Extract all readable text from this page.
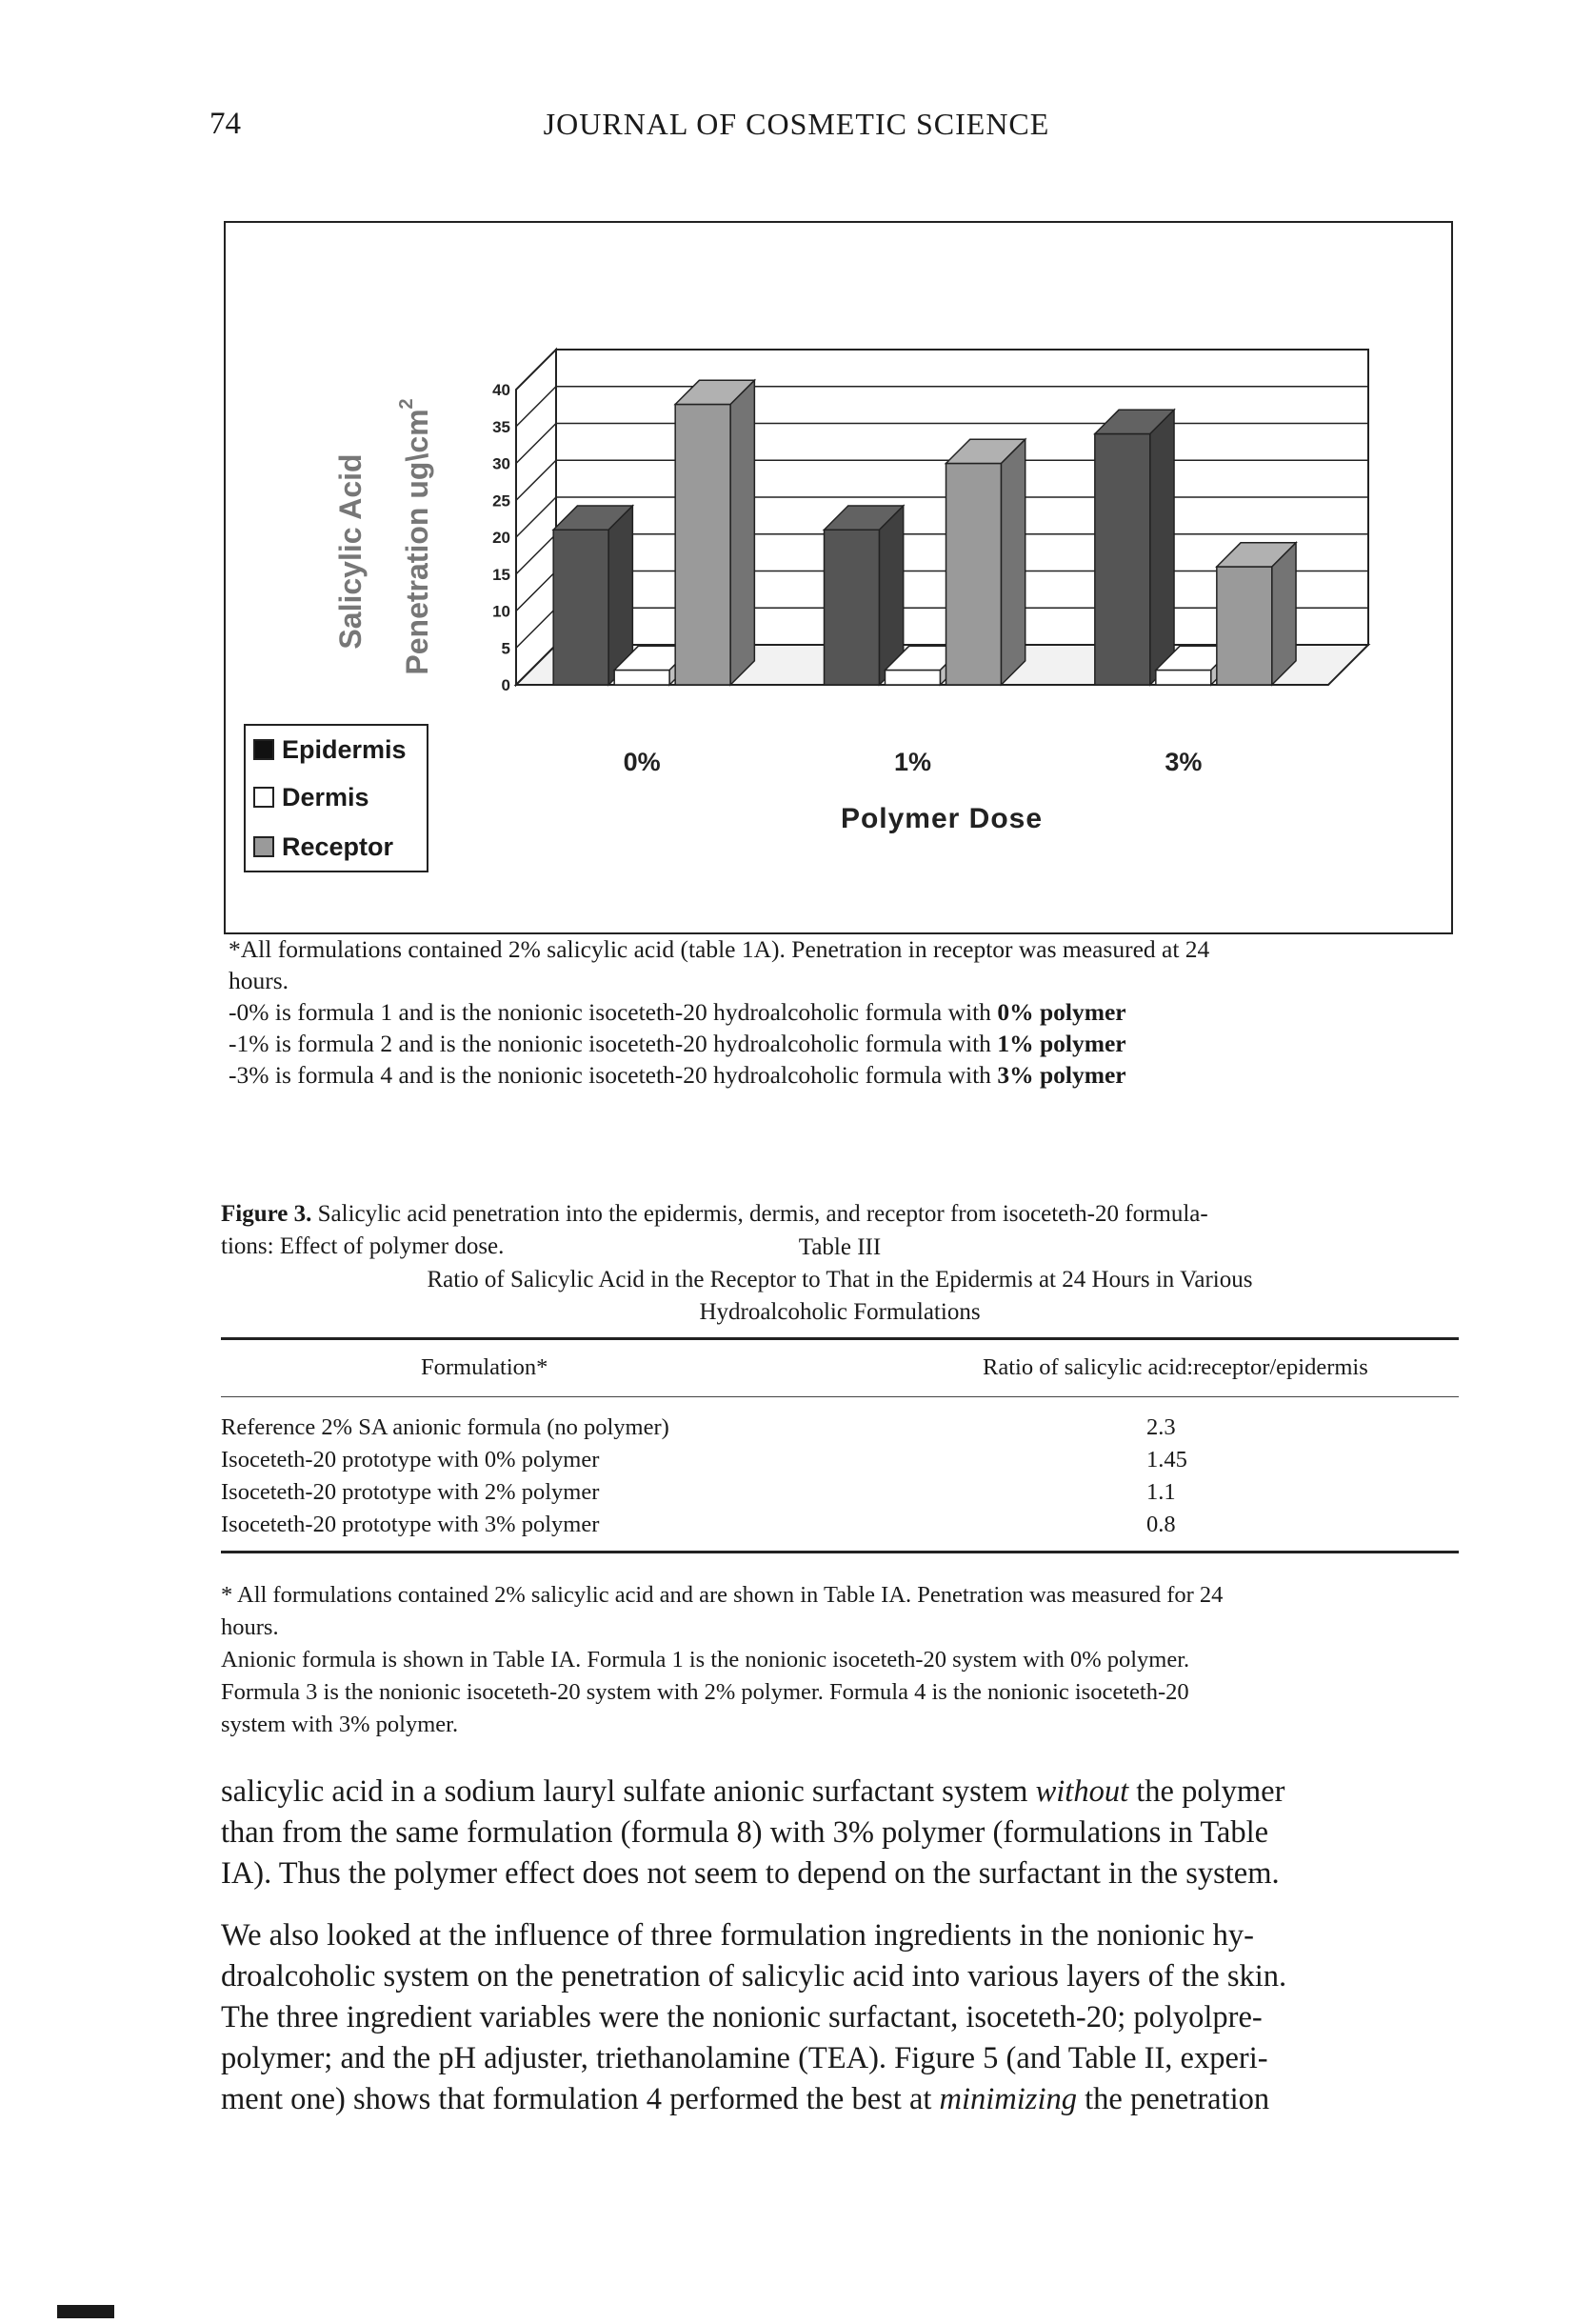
74	JOURNAL OF COSMETIC SCIENCE
0
5
10
15
20
25
30
35
40
0%	1%	3%
Polymer Dose
Salicylic Acid Penetration ug\cm
2
Epidermis
Dermis
Receptor
*All formulations contained 2% salicylic acid (table 1A). Penetration in receptor was measured at 24
hours.
-0% is formula 1 and is the nonionic isoceteth-20 hydroalcoholic formula with 0% polymer
-1% is formula 2 and is the nonionic isoceteth-20 hydroalcoholic formula with 1% polymer
-3% is formula 4 and is the nonionic isoceteth-20 hydroalcoholic formula with 3% polymer
Figure 3. Salicylic acid penetration into the epidermis, dermis, and receptor from isoceteth-20 formula-
tions: Effect of polymer dose.	Table III
Ratio of Salicylic Acid in the Receptor to That in the Epidermis at 24 Hours in Various
Hydroalcoholic Formulations
Formulation*	Ratio of salicylic acid:receptor/epidermis
Reference 2% SA anionic formula (no polymer)	2.3
Isoceteth-20 prototype with 0% polymer	1.45
Isoceteth-20 prototype with 2% polymer	1.1
Isoceteth-20 prototype with 3% polymer	0.8
* All formulations contained 2% salicylic acid and are shown in Table IA. Penetration was measured for 24
hours.
Anionic formula is shown in Table IA. Formula 1 is the nonionic isoceteth-20 system with 0% polymer.
Formula 3 is the nonionic isoceteth-20 system with 2% polymer. Formula 4 is the nonionic isoceteth-20
system with 3% polymer.
salicylic acid in a sodium lauryl sulfate anionic surfactant system without the polymer
than from the same formulation (formula 8) with 3% polymer (formulations in Table
IA). Thus the polymer effect does not seem to depend on the surfactant in the system.
We also looked at the influence of three formulation ingredients in the nonionic hy-
droalcoholic system on the penetration of salicylic acid into various layers of the skin.
The three ingredient variables were the nonionic surfactant, isoceteth-20; polyolpre-
polymer; and the pH adjuster, triethanolamine (TEA). Figure 5 (and Table II, experi-
ment one) shows that formulation 4 performed the best at minimizing the penetration
